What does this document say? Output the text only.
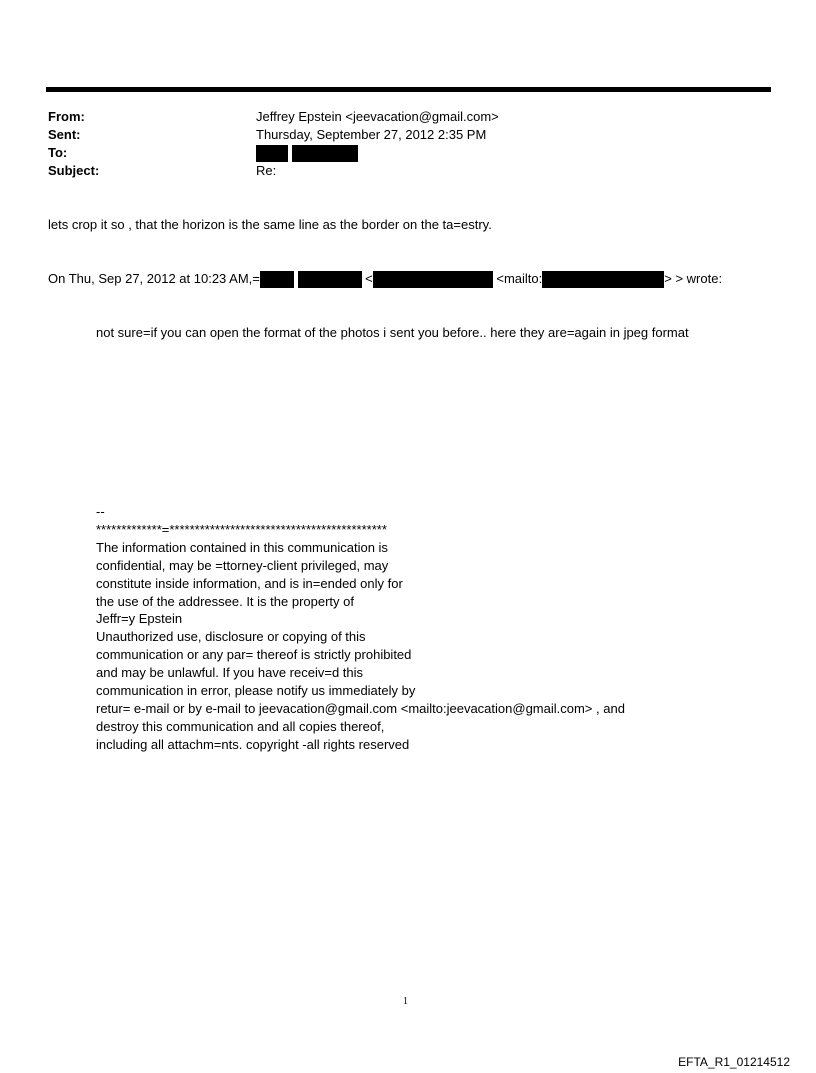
From:	Jeffrey Epstein <jeevacation@gmail.com>
Sent:	Thursday, September 27, 2012 2:35 PM
To:

Subject:	Re:
lets crop it so , that the horizon is the same line as the border on the ta=estry.
On Thu, Sep 27, 2012 at 10:23 AM,=	<	<mailto:	> > wrote:
not sure=if you can open the format of the photos i sent you before.. here they are=again in jpeg format
--
*************=*******************************************
The information contained in this communication is
confidential, may be =ttorney-client privileged, may
constitute inside information, and is in=ended only for
the use of the addressee. It is the property of
Jeffr=y Epstein
Unauthorized use, disclosure or copying of this
communication or any par= thereof is strictly prohibited
and may be unlawful. If you have receiv=d this
communication in error, please notify us immediately by
retur= e-mail or by e-mail to jeevacation@gmail.com <mailto:jeevacation@gmail.com> , and
destroy this communication and all copies thereof,
including all attachm=nts. copyright -all rights reserved
1
EFTA_R1_01214512
